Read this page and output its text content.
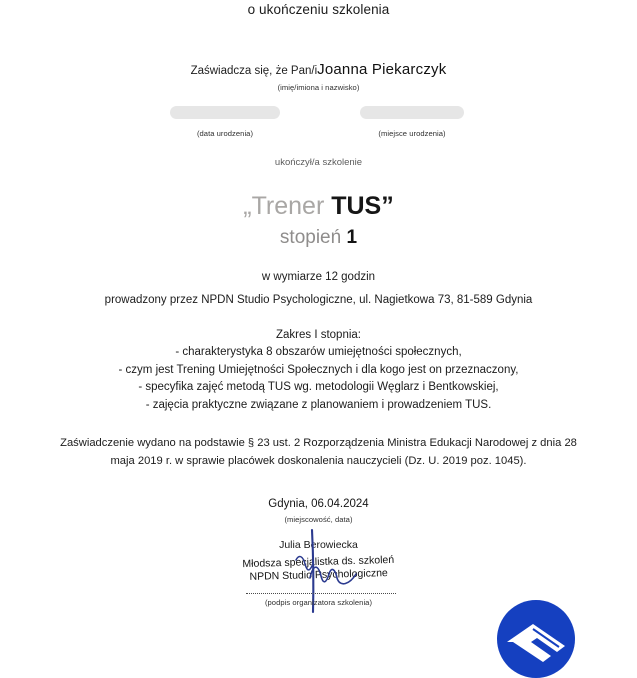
o ukończeniu szkolenia
Zaświadcza się, że Pan/iJoanna Piekarczyk
(imię/imiona i nazwisko)
(data urodzenia)	(miejsce urodzenia)
ukończył/a szkolenie
„Trener TUS”
stopień 1
w wymiarze 12 godzin
prowadzony przez NPDN Studio Psychologiczne, ul. Nagietkowa 73, 81-589 Gdynia
Zakres I stopnia:
- charakterystyka 8 obszarów umiejętności społecznych,
- czym jest Trening Umiejętności Społecznych i dla kogo jest on przeznaczony,
- specyfika zajęć metodą TUS wg. metodologii Węglarz i Bentkowskiej,
- zajęcia praktyczne związane z planowaniem i prowadzeniem TUS.
Zaświadczenie wydano na podstawie § 23 ust. 2 Rozporządzenia Ministra Edukacji Narodowej z dnia 28
maja 2019 r. w sprawie placówek doskonalenia nauczycieli (Dz. U. 2019 poz. 1045).
Gdynia, 06.04.2024
(miejscowość, data)
Julia Berowiecka
Młodsza specjalistka ds. szkoleń
NPDN Studio Psychologiczne
(podpis organizatora szkolenia)
